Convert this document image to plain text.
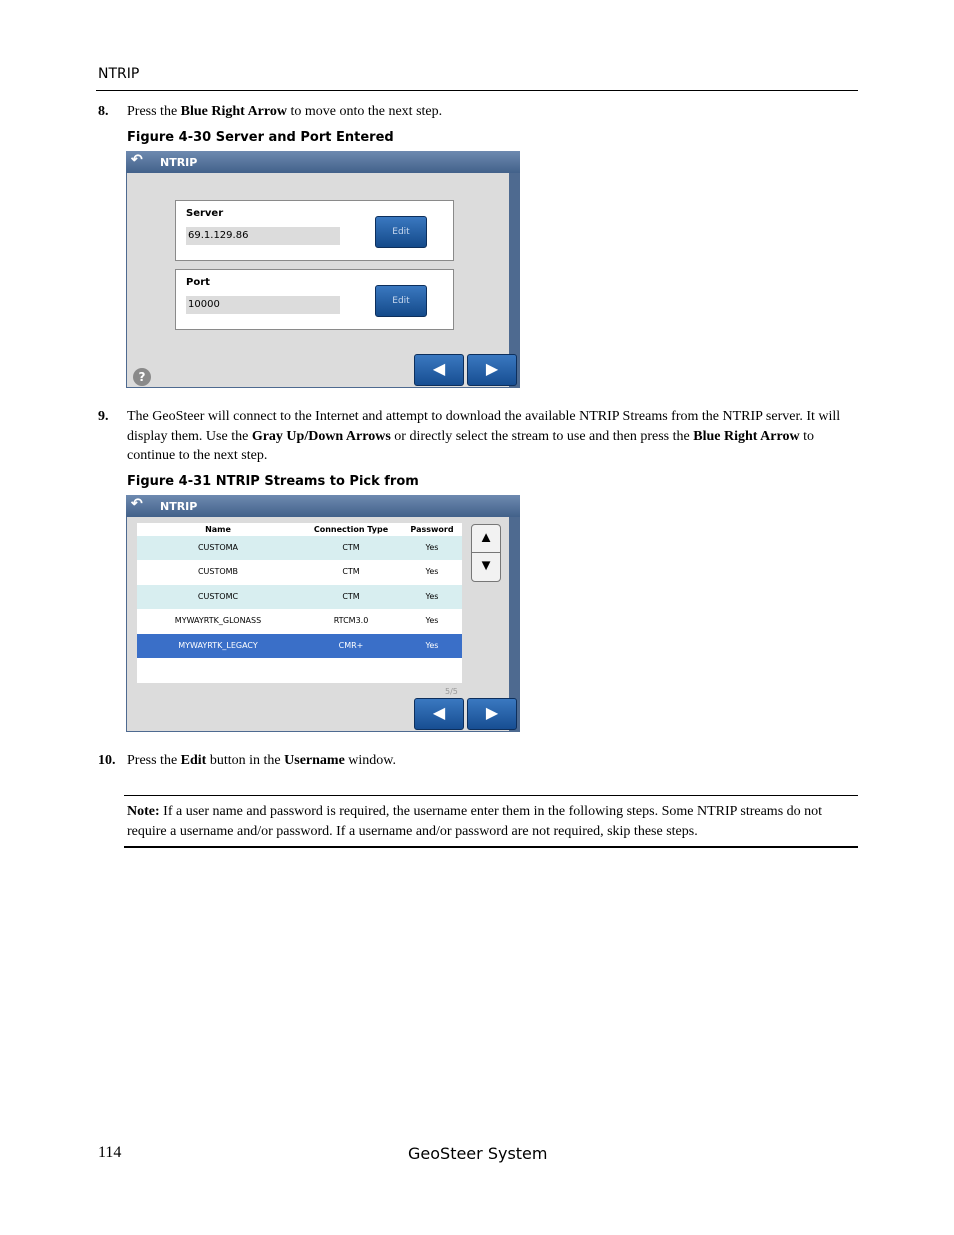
NTRIP
8. Press the Blue Right Arrow to move onto the next step.
Figure 4-30 Server and Port Entered
↶ NTRIP
Server
69.1.129.86	Edit
Port
10000	Edit
?	◀	▶
9. The GeoSteer will connect to the Internet and attempt to download the available NTRIP Streams from the NTRIP server. It will display them. Use the Gray Up/Down Arrows or directly select the stream to use and then press the Blue Right Arrow to continue to the next step.
Figure 4-31 NTRIP Streams to Pick from
↶ NTRIP
Name	Connection Type	Password
CUSTOMA	CTM	Yes
CUSTOMB	CTM	Yes
CUSTOMC	CTM	Yes
MYWAYRTK_GLONASS	RTCM3.0	Yes
MYWAYRTK_LEGACY	CMR+	Yes
▲
▼
5/5
◀	▶
10. Press the Edit button in the Username window.
Note: If a user name and password is required, the username enter them in the following steps. Some NTRIP streams do not require a username and/or password. If a username and/or password are not required, skip these steps.
114	GeoSteer System
